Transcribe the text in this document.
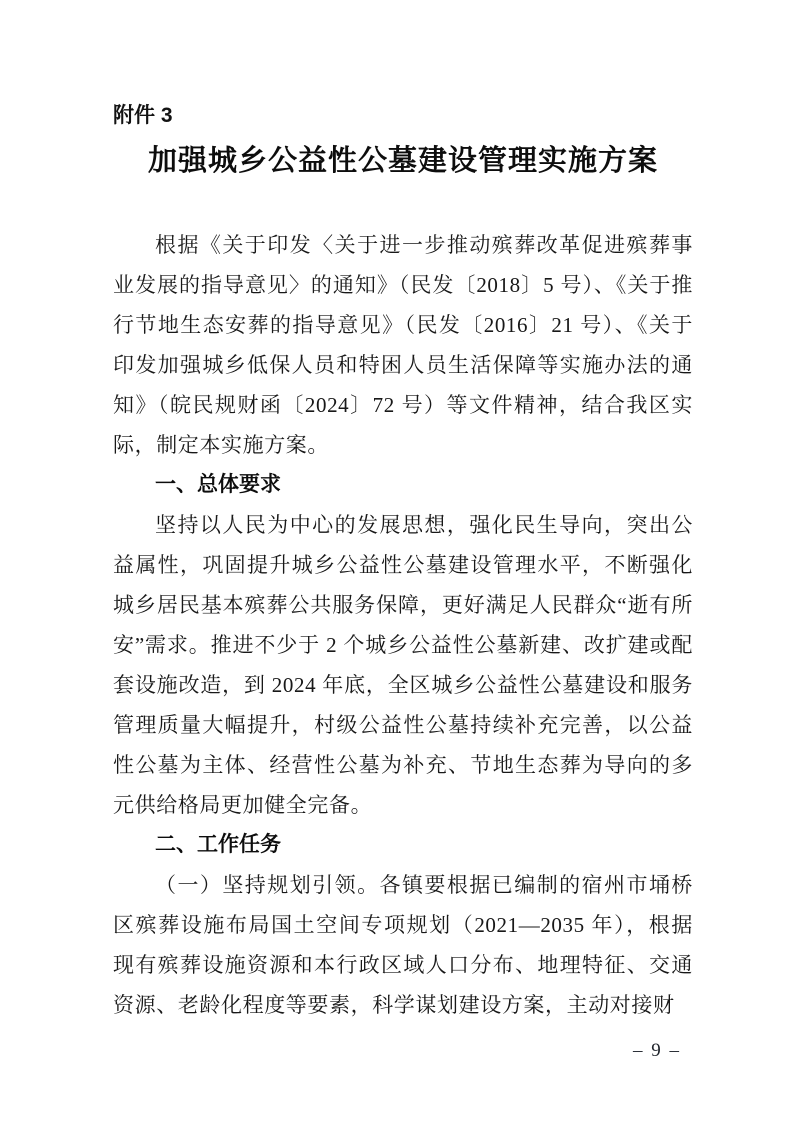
附件 3
加强城乡公益性公墓建设管理实施方案

根据《关于印发〈关于进一步推动殡葬改革促进殡葬事业发展的指导意见〉的通知》（民发〔2018〕5 号）、《关于推行节地生态安葬的指导意见》（民发〔2016〕21 号）、《关于印发加强城乡低保人员和特困人员生活保障等实施办法的通知》（皖民规财函〔2024〕72 号）等文件精神，结合我区实际，制定本实施方案。

一、总体要求

坚持以人民为中心的发展思想，强化民生导向，突出公益属性，巩固提升城乡公益性公墓建设管理水平，不断强化城乡居民基本殡葬公共服务保障，更好满足人民群众“逝有所安”需求。推进不少于 2 个城乡公益性公墓新建、改扩建或配套设施改造，到 2024 年底，全区城乡公益性公墓建设和服务管理质量大幅提升，村级公益性公墓持续补充完善，以公益性公墓为主体、经营性公墓为补充、节地生态葬为导向的多元供给格局更加健全完备。

二、工作任务

（一）坚持规划引领。各镇要根据已编制的宿州市埇桥区殡葬设施布局国土空间专项规划（2021—2035 年），根据现有殡葬设施资源和本行政区域人口分布、地理特征、交通资源、老龄化程度等要素，科学谋划建设方案，主动对接财

– 9 –
